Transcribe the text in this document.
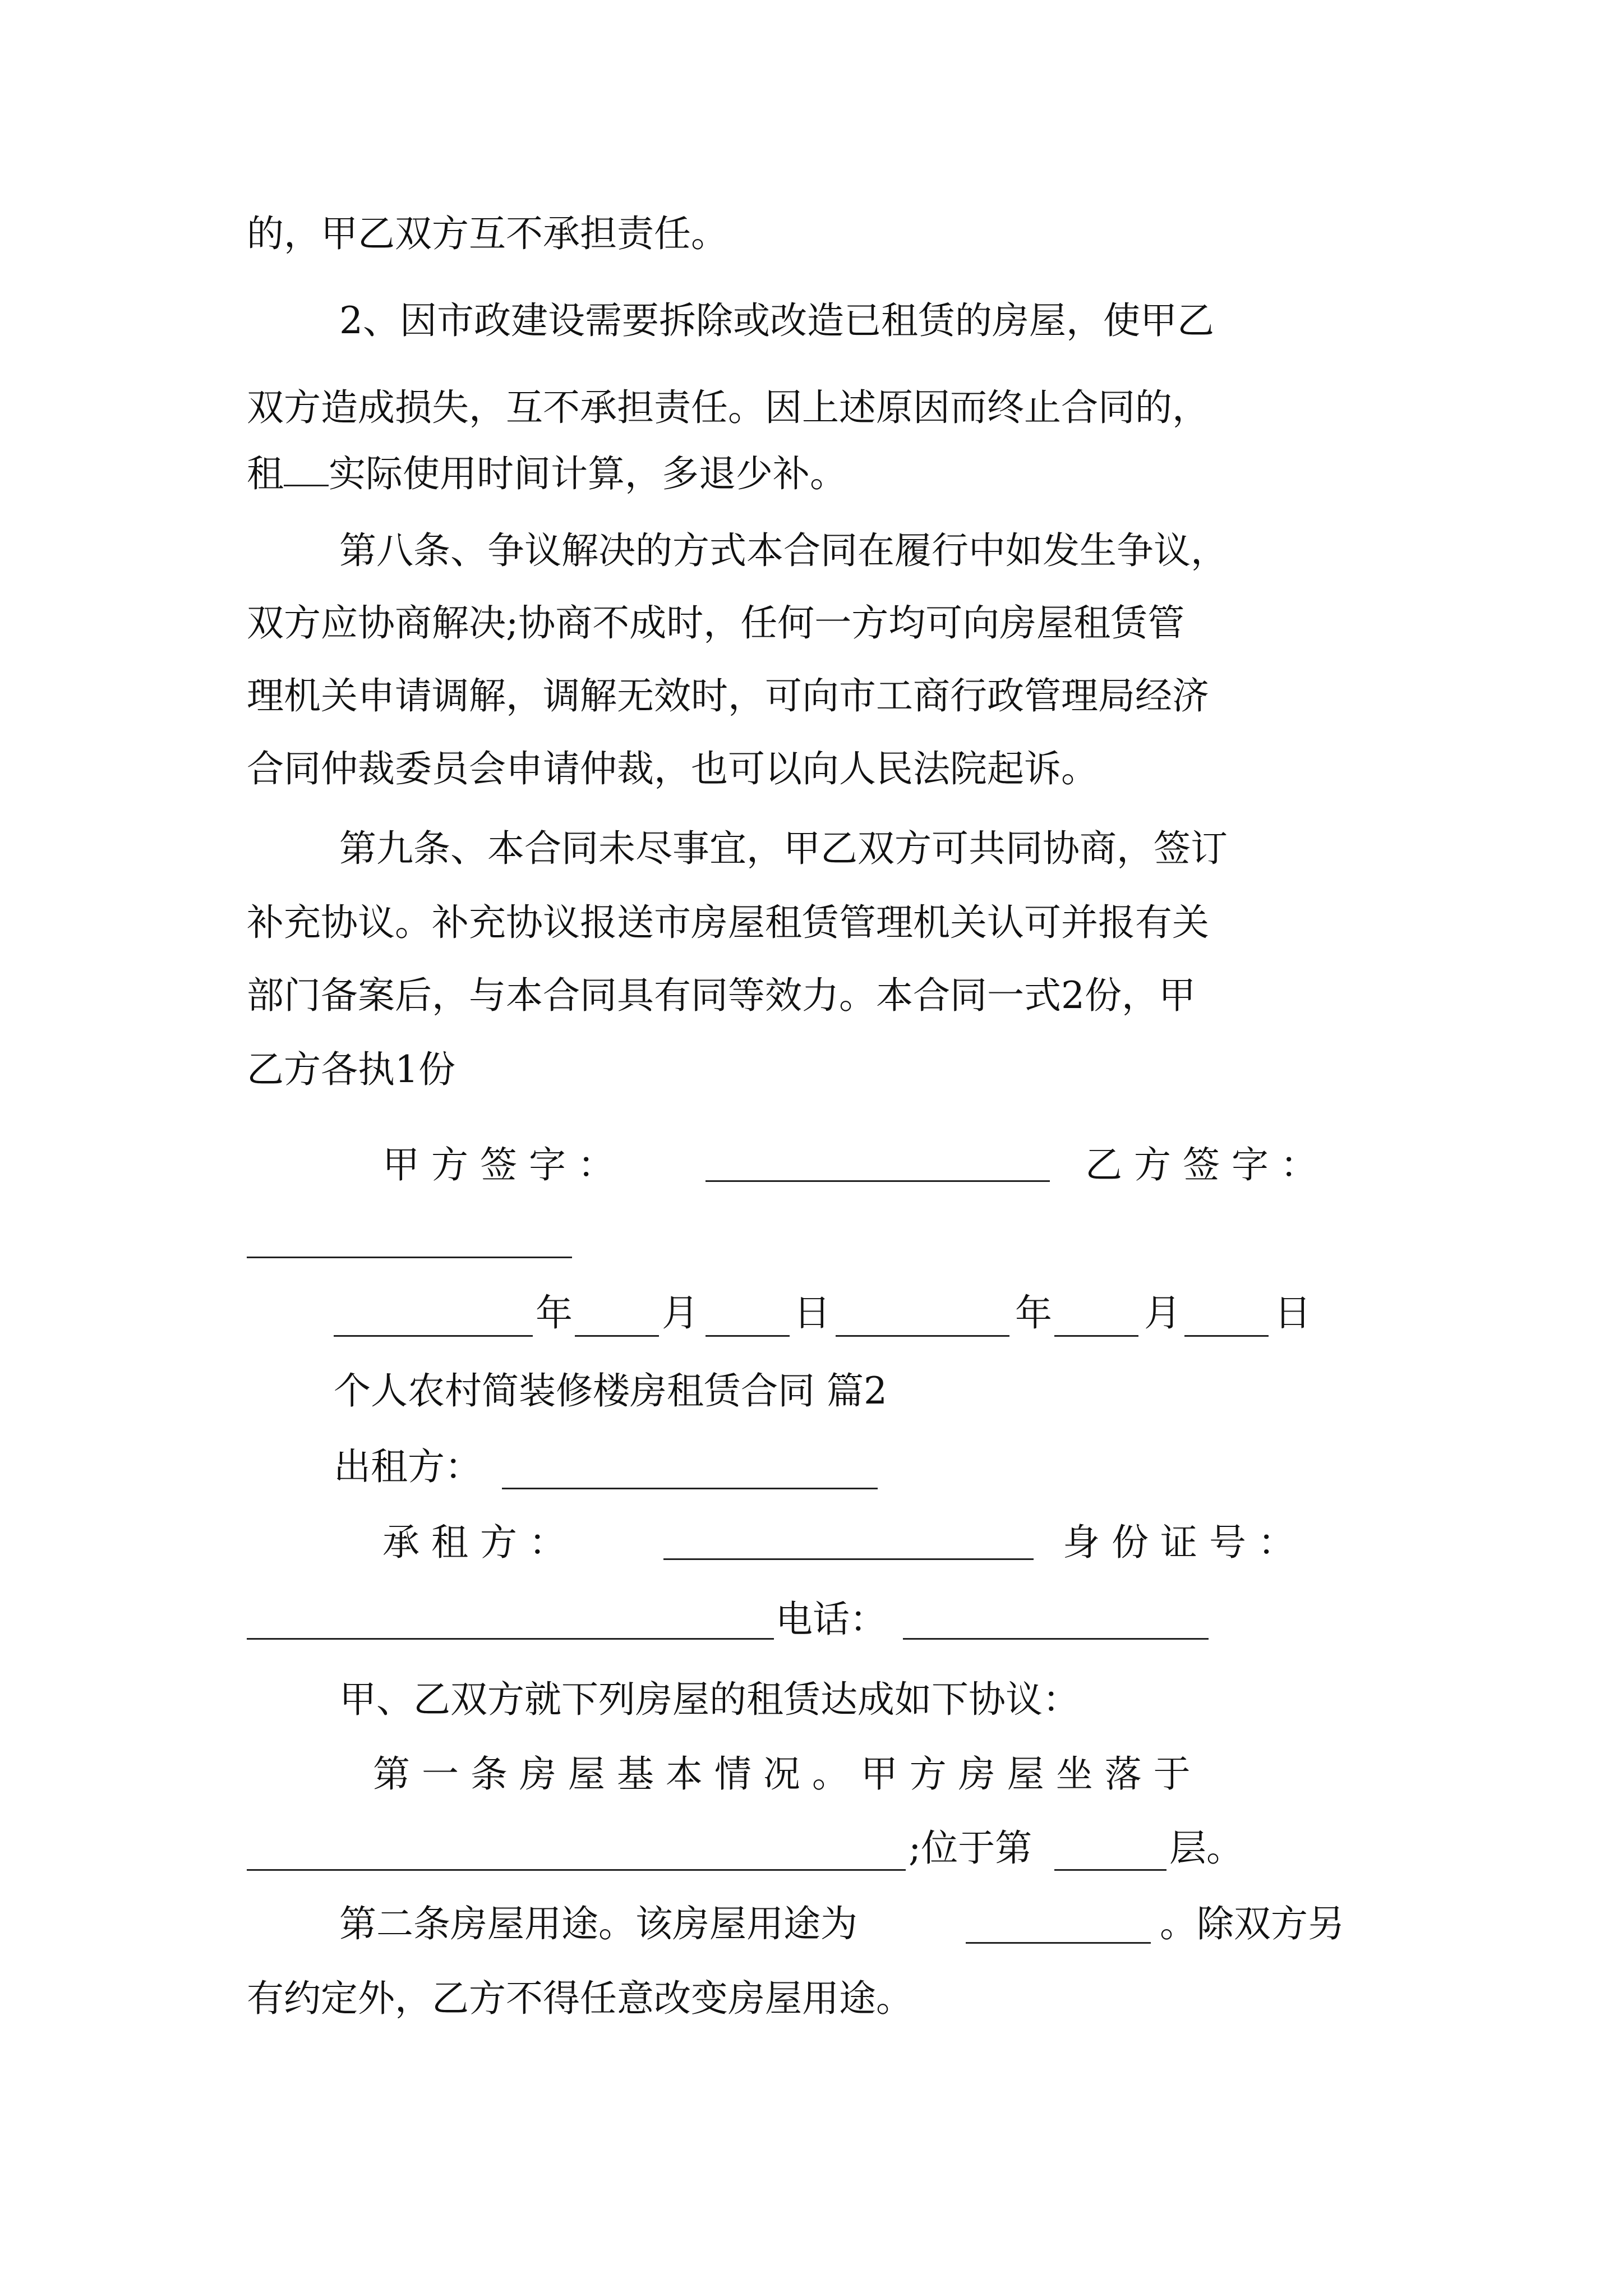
的，甲乙双方互不承担责任。
2、因市政建设需要拆除或改造已租赁的房屋，使甲乙
双方造成损失，互不承担责任。因上述原因而终止合同的，
租 实际使用时间计算，多退少补。
第八条、争议解决的方式本合同在履行中如发生争议，
双方应协商解决;协商不成时，任何一方均可向房屋租赁管
理机关申请调解，调解无效时，可向市工商行政管理局经济
合同仲裁委员会申请仲裁，也可以向人民法院起诉。
第九条、本合同未尽事宜，甲乙双方可共同协商，签订
补充协议。补充协议报送市房屋租赁管理机关认可并报有关
部门备案后，与本合同具有同等效力。本合同一式2份，甲
乙方各执1份
甲 方 签 字 ：	乙 方 签 字 ：
年	月	日	年	月	日
个人农村简装修楼房租赁合同 篇2
出租方：
承 租 方 ：	身 份 证 号 ：
电话：
甲、乙双方就下列房屋的租赁达成如下协议：
第 一 条 房 屋 基 本 情 况 。 甲 方 房 屋 坐 落 于
;位于第	层。
第二条房屋用途。该房屋用途为	。除双方另
有约定外，乙方不得任意改变房屋用途。
